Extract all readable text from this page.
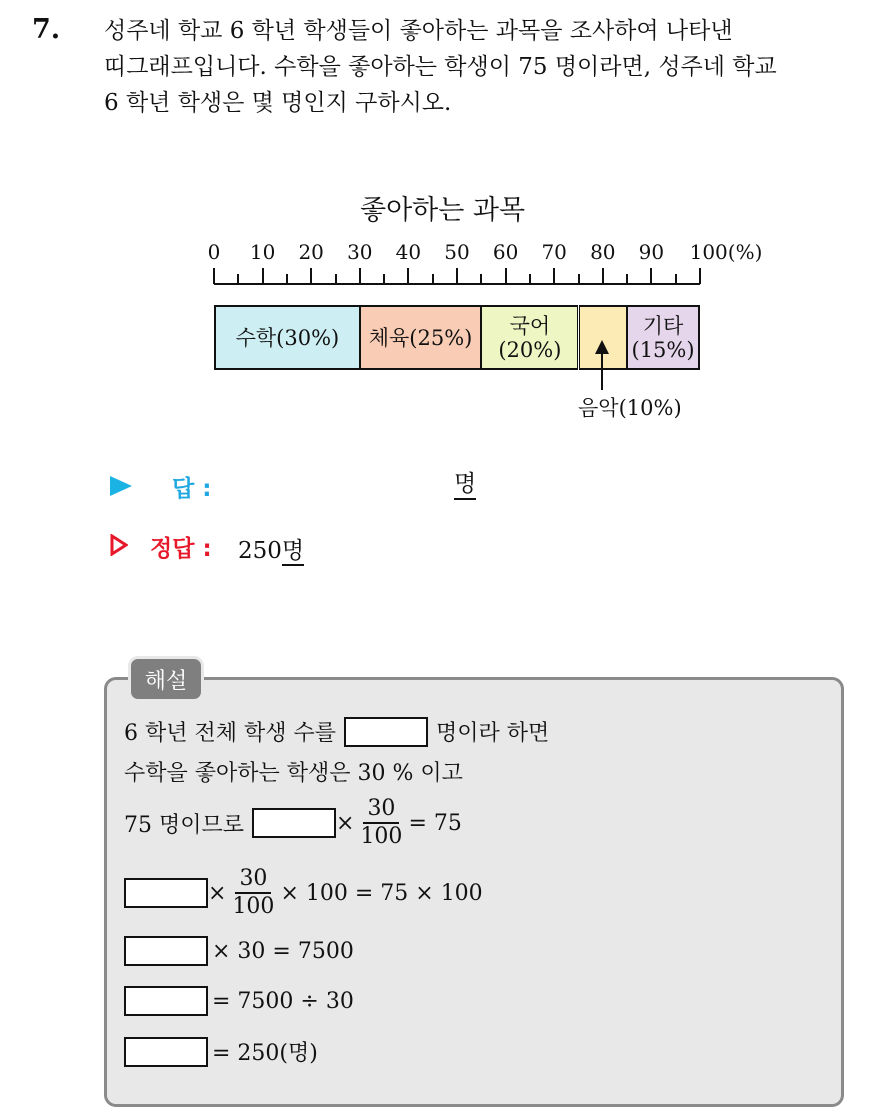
7. 성주네 학교 6 학년 학생들이 좋아하는 과목을 조사하여 나타낸
띠그래프입니다. 수학을 좋아하는 학생이 75 명이라면, 성주네 학교
6 학년 학생은 몇 명인지 구하시오.
좋아하는 과목
0 10 20 30 40 50 60 70 80 90 100(%)
수학(30%) 체육(25%)	국어
(20%)
기타
(15%)
음악(10%)
답 :	명
정답 : 250명
해설
6 학년 전체 학생 수를	명이라 하면
수학을 좋아하는 학생은 30 % 이고
75 명이므로	× $\frac{30}{100} = 75$
× $\frac{30}{100} \times 100 = 75 \times 100$
× 30 = 7500
= 7500 ÷ 30
= 250(명)
